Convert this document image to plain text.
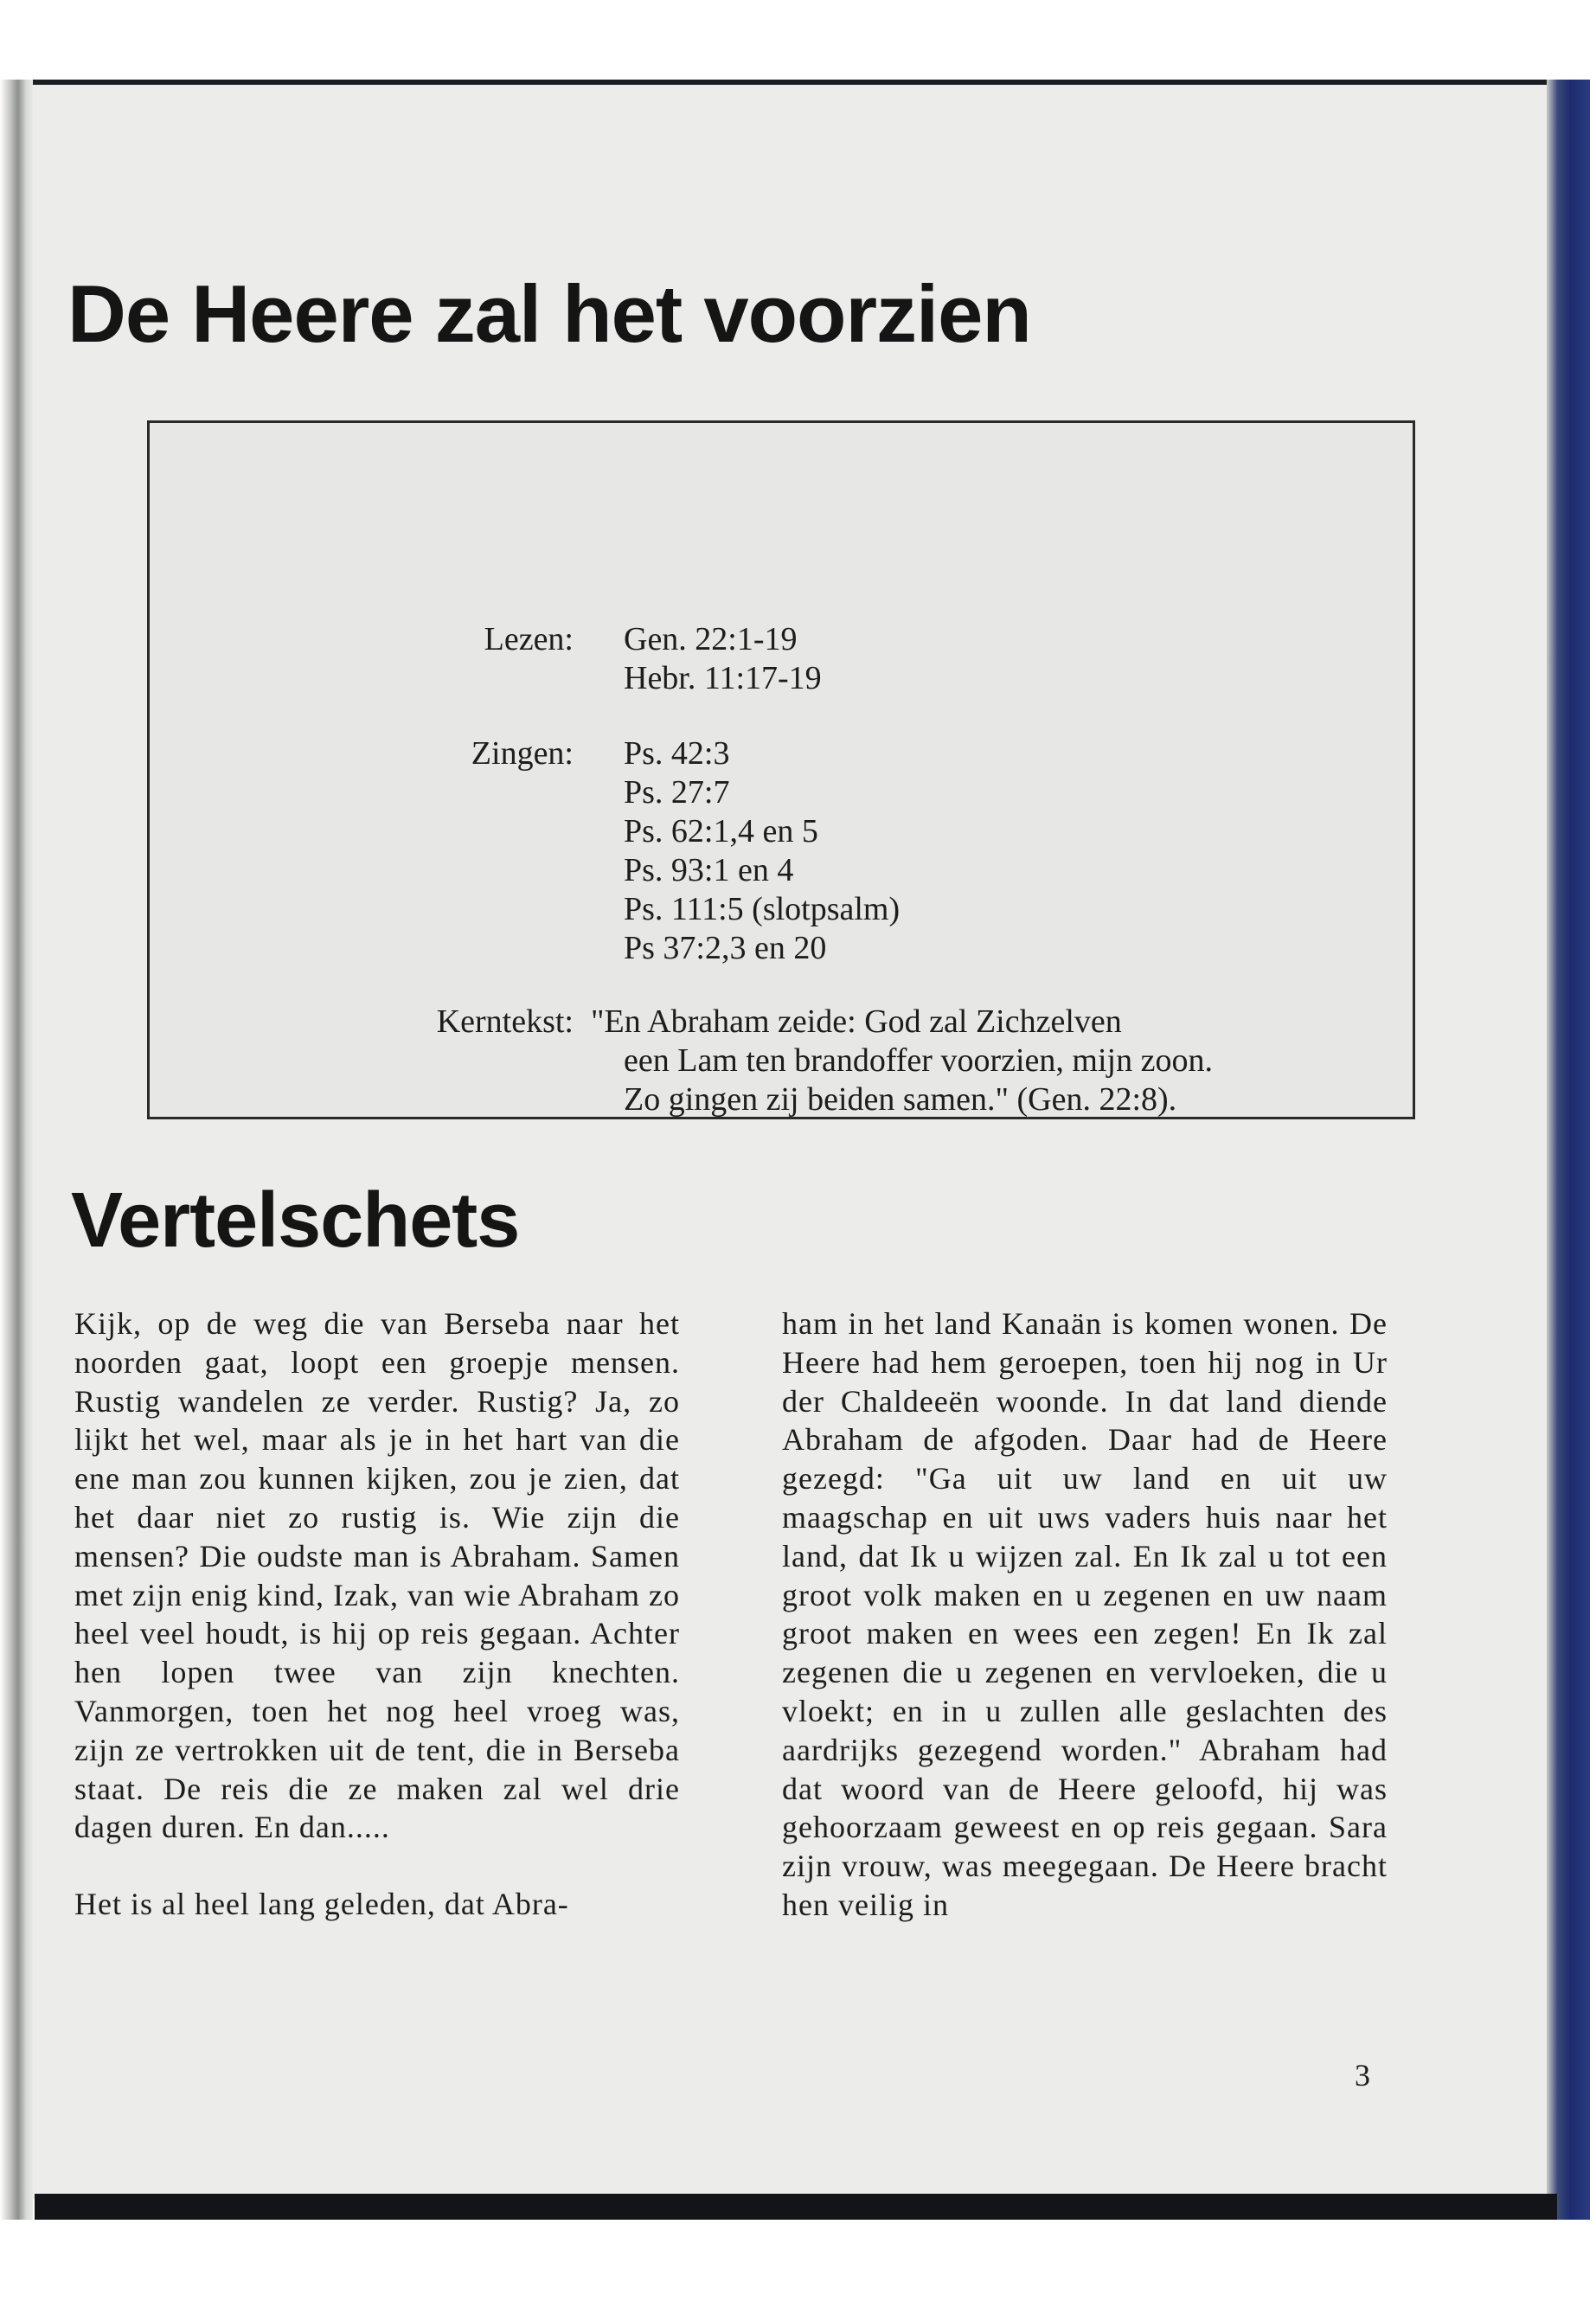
De Heere zal het voorzien
Lezen: Gen. 22:1-19
Hebr. 11:17-19
Zingen: Ps. 42:3
Ps. 27:7
Ps. 62:1,4 en 5
Ps. 93:1 en 4
Ps. 111:5 (slotpsalm)
Ps 37:2,3 en 20
Kerntekst: "En Abraham zeide: God zal Zichzelven
een Lam ten brandoffer voorzien, mijn zoon.
Zo gingen zij beiden samen." (Gen. 22:8).
Vertelschets

Kijk, op de weg die van Berseba naar het noorden gaat, loopt een groepje mensen. Rustig wandelen ze verder. Rustig? Ja, zo lijkt het wel, maar als je in het hart van die ene man zou kunnen kijken, zou je zien, dat het daar niet zo rustig is. Wie zijn die mensen? Die oudste man is Abraham. Samen met zijn enig kind, Izak, van wie Abraham zo heel veel houdt, is hij op reis gegaan. Achter hen lopen twee van zijn knechten. Vanmorgen, toen het nog heel vroeg was, zijn ze vertrokken uit de tent, die in Berseba staat. De reis die ze maken zal wel drie dagen duren. En dan.....

Het is al heel lang geleden, dat Abra-

ham in het land Kanaän is komen wonen. De Heere had hem geroepen, toen hij nog in Ur der Chaldeeën woonde. In dat land diende Abraham de afgoden. Daar had de Heere gezegd: "Ga uit uw land en uit uw maagschap en uit uws vaders huis naar het land, dat Ik u wijzen zal. En Ik zal u tot een groot volk maken en u zegenen en uw naam groot maken en wees een zegen! En Ik zal zegenen die u zegenen en vervloeken, die u vloekt; en in u zullen alle geslachten des aardrijks gezegend worden." Abraham had dat woord van de Heere geloofd, hij was gehoorzaam geweest en op reis gegaan. Sara zijn vrouw, was meegegaan. De Heere bracht hen veilig in

3
